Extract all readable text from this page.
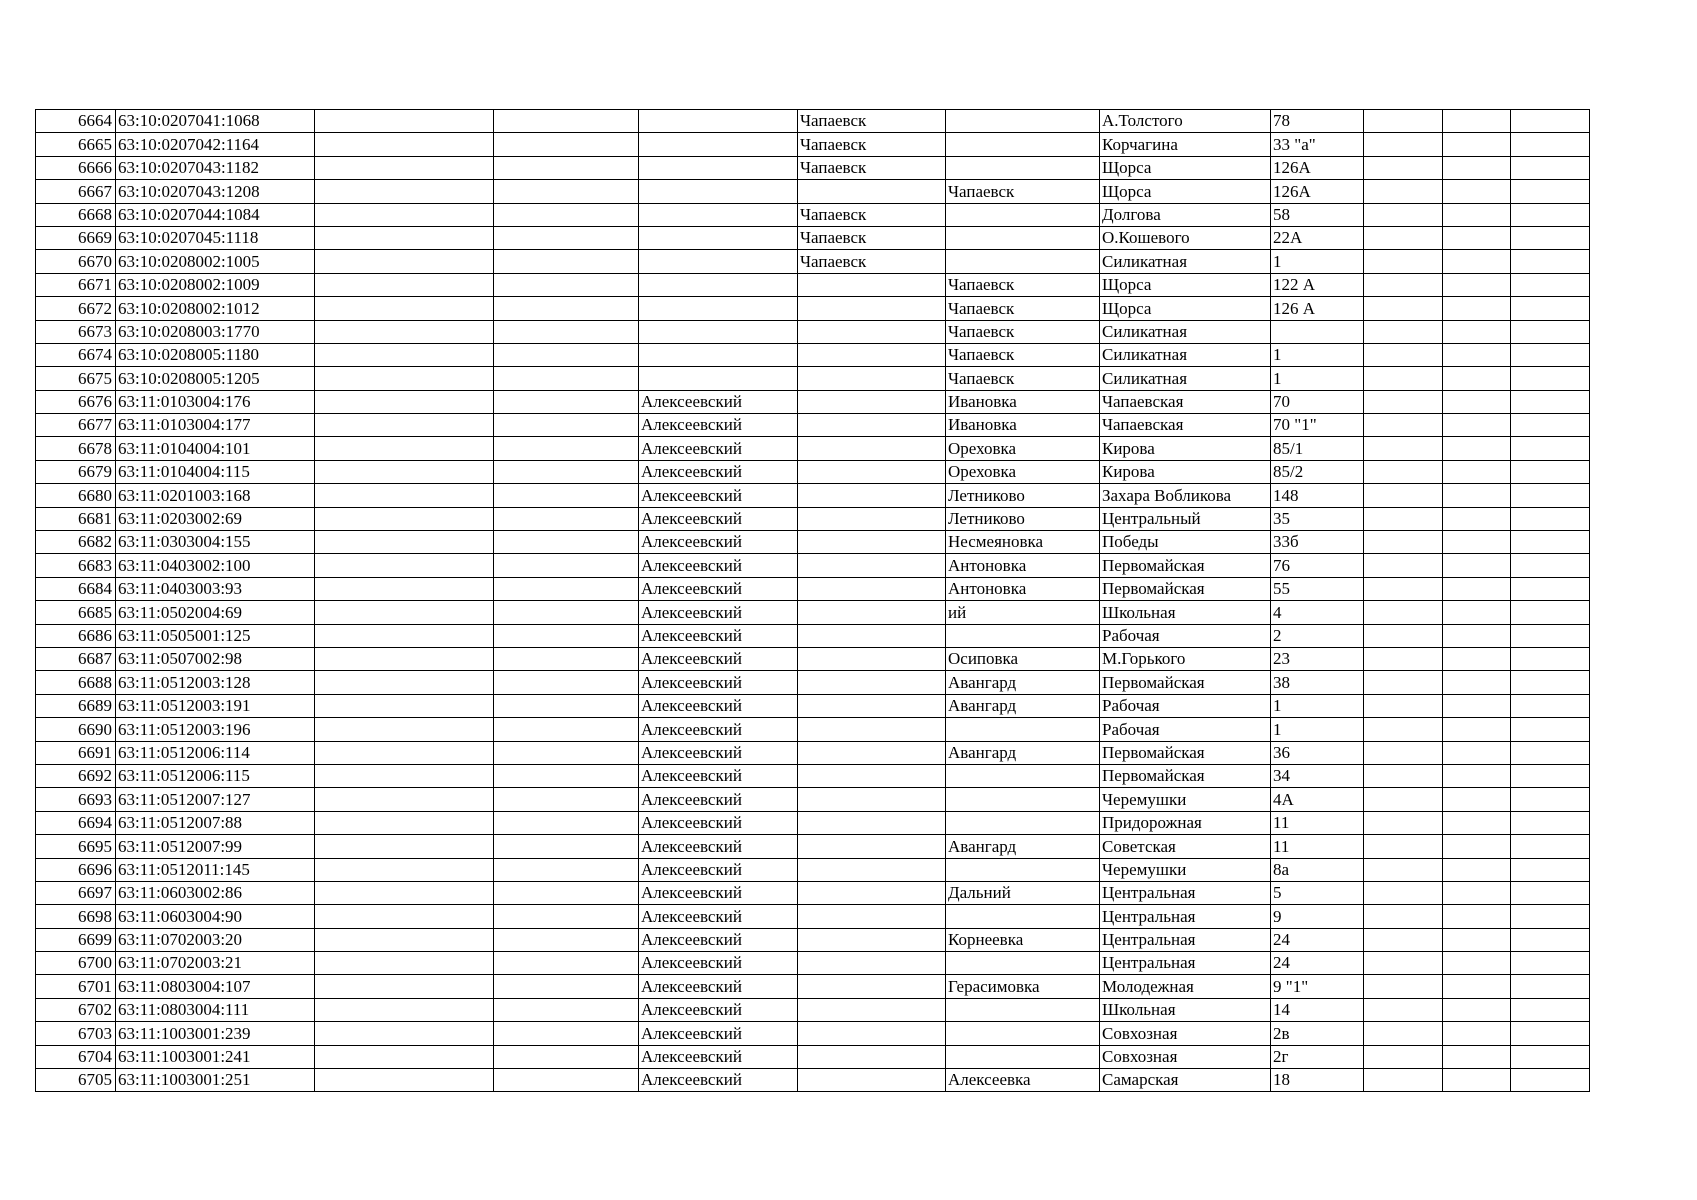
6664	63:10:0207041:1068				Чапаевск		А.Толстого	78			
6665	63:10:0207042:1164				Чапаевск		Корчагина	33 "а"			
6666	63:10:0207043:1182				Чапаевск		Щорса	126А			
6667	63:10:0207043:1208					Чапаевск	Щорса	126А			
6668	63:10:0207044:1084				Чапаевск		Долгова	58			
6669	63:10:0207045:1118				Чапаевск		О.Кошевого	22А			
6670	63:10:0208002:1005				Чапаевск		Силикатная	1			
6671	63:10:0208002:1009					Чапаевск	Щорса	122 А			
6672	63:10:0208002:1012					Чапаевск	Щорса	126 А			
6673	63:10:0208003:1770					Чапаевск	Силикатная				
6674	63:10:0208005:1180					Чапаевск	Силикатная	1			
6675	63:10:0208005:1205					Чапаевск	Силикатная	1			
6676	63:11:0103004:176			Алексеевский		Ивановка	Чапаевская	70			
6677	63:11:0103004:177			Алексеевский		Ивановка	Чапаевская	70 "1"			
6678	63:11:0104004:101			Алексеевский		Ореховка	Кирова	85/1			
6679	63:11:0104004:115			Алексеевский		Ореховка	Кирова	85/2			
6680	63:11:0201003:168			Алексеевский		Летниково	Захара Вобликова	148			
6681	63:11:0203002:69			Алексеевский		Летниково	Центральный	35			
6682	63:11:0303004:155			Алексеевский		Несмеяновка	Победы	33б			
6683	63:11:0403002:100			Алексеевский		Антоновка	Первомайская	76			
6684	63:11:0403003:93			Алексеевский		Антоновка	Первомайская	55			
6685	63:11:0502004:69			Алексеевский		ий	Школьная	4			
6686	63:11:0505001:125			Алексеевский			Рабочая	2			
6687	63:11:0507002:98			Алексеевский		Осиповка	М.Горького	23			
6688	63:11:0512003:128			Алексеевский		Авангард	Первомайская	38			
6689	63:11:0512003:191			Алексеевский		Авангард	Рабочая	1			
6690	63:11:0512003:196			Алексеевский			Рабочая	1			
6691	63:11:0512006:114			Алексеевский		Авангард	Первомайская	36			
6692	63:11:0512006:115			Алексеевский			Первомайская	34			
6693	63:11:0512007:127			Алексеевский			Черемушки	4А			
6694	63:11:0512007:88			Алексеевский			Придорожная	11			
6695	63:11:0512007:99			Алексеевский		Авангард	Советская	11			
6696	63:11:0512011:145			Алексеевский			Черемушки	8а			
6697	63:11:0603002:86			Алексеевский		Дальний	Центральная	5			
6698	63:11:0603004:90			Алексеевский			Центральная	9			
6699	63:11:0702003:20			Алексеевский		Корнеевка	Центральная	24			
6700	63:11:0702003:21			Алексеевский			Центральная	24			
6701	63:11:0803004:107			Алексеевский		Герасимовка	Молодежная	9 "1"			
6702	63:11:0803004:111			Алексеевский			Школьная	14			
6703	63:11:1003001:239			Алексеевский			Совхозная	2в			
6704	63:11:1003001:241			Алексеевский			Совхозная	2г			
6705	63:11:1003001:251			Алексеевский		Алексеевка	Самарская	18			
